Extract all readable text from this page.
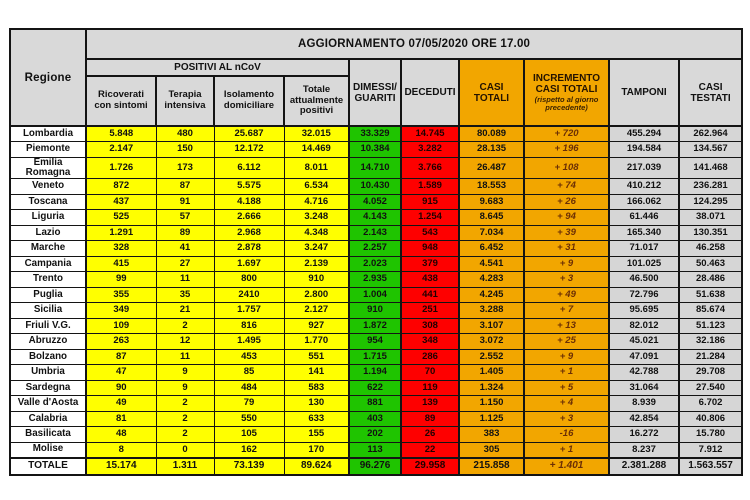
Regione	AGGIORNAMENTO 07/05/2020 ORE 17.00									
	POSITIVI AL nCoV				DIMESSI/ GUARITI	DECEDUTI	CASI TOTALI	INCREMENTO CASI TOTALI
(rispetto al giorno precedente)	TAMPONI	CASI TESTATI
	Ricoverati con sintomi	Terapia intensiva	Isolamento domiciliare	Totale attualmente positivi						
Lombardia	5.848	480	25.687	32.015	33.329	14.745	80.089	+ 720	455.294	262.964
Piemonte	2.147	150	12.172	14.469	10.384	3.282	28.135	+ 196	194.584	134.567
Emilia Romagna	1.726	173	6.112	8.011	14.710	3.766	26.487	+ 108	217.039	141.468
Veneto	872	87	5.575	6.534	10.430	1.589	18.553	+ 74	410.212	236.281
Toscana	437	91	4.188	4.716	4.052	915	9.683	+ 26	166.062	124.295
Liguria	525	57	2.666	3.248	4.143	1.254	8.645	+ 94	61.446	38.071
Lazio	1.291	89	2.968	4.348	2.143	543	7.034	+ 39	165.340	130.351
Marche	328	41	2.878	3.247	2.257	948	6.452	+ 31	71.017	46.258
Campania	415	27	1.697	2.139	2.023	379	4.541	+ 9	101.025	50.463
Trento	99	11	800	910	2.935	438	4.283	+ 3	46.500	28.486
Puglia	355	35	2410	2.800	1.004	441	4.245	+ 49	72.796	51.638
Sicilia	349	21	1.757	2.127	910	251	3.288	+ 7	95.695	85.674
Friuli V.G.	109	2	816	927	1.872	308	3.107	+ 13	82.012	51.123
Abruzzo	263	12	1.495	1.770	954	348	3.072	+ 25	45.021	32.186
Bolzano	87	11	453	551	1.715	286	2.552	+ 9	47.091	21.284
Umbria	47	9	85	141	1.194	70	1.405	+ 1	42.788	29.708
Sardegna	90	9	484	583	622	119	1.324	+ 5	31.064	27.540
Valle d'Aosta	49	2	79	130	881	139	1.150	+ 4	8.939	6.702
Calabria	81	2	550	633	403	89	1.125	+ 3	42.854	40.806
Basilicata	48	2	105	155	202	26	383	-16	16.272	15.780
Molise	8	0	162	170	113	22	305	+ 1	8.237	7.912
TOTALE	15.174	1.311	73.139	89.624	96.276	29.958	215.858	+ 1.401	2.381.288	1.563.557
